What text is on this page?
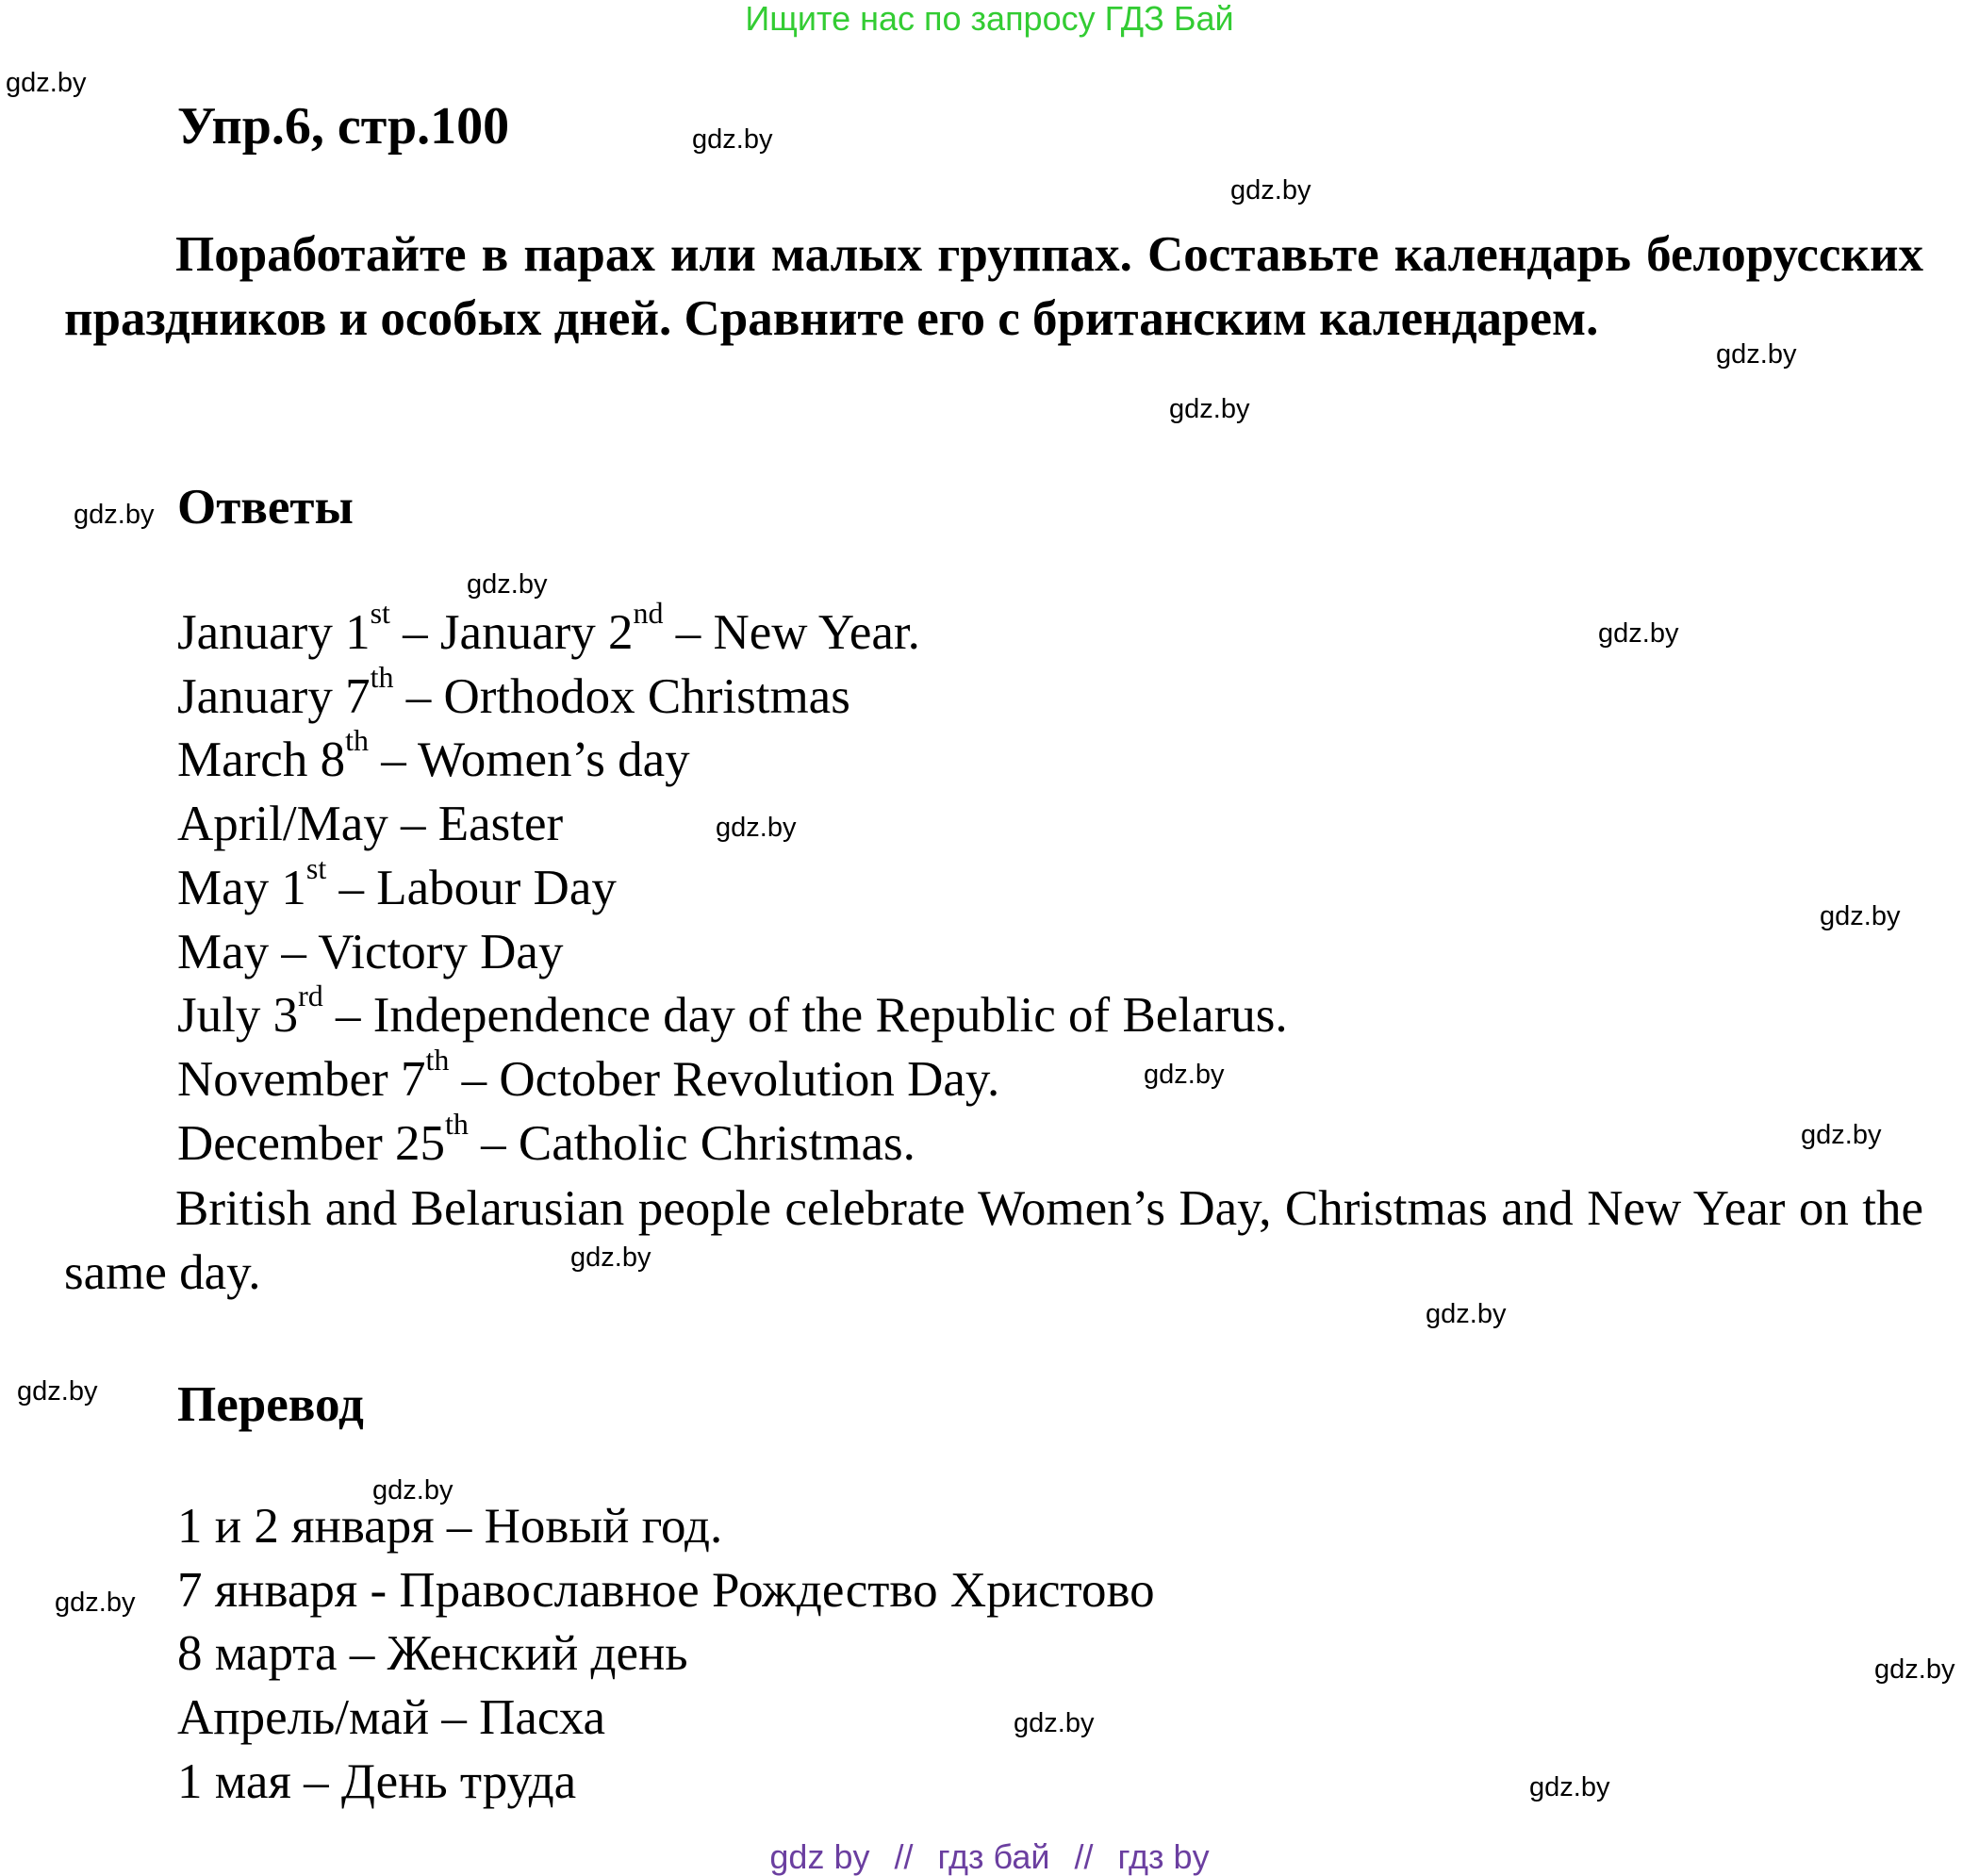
Ищите нас по запросу ГДЗ Бай
Упр.6, стр.100

Поработайте в парах или малых группах. Составьте календарь белорусских праздников и особых дней. Сравните его с британским календарем.

Ответы
January 1st – January 2nd – New Year.
January 7th – Orthodox Christmas
March 8th – Women’s day
April/May – Easter
May 1st – Labour Day
May – Victory Day
July 3rd – Independence day of the Republic of Belarus.
November 7th – October Revolution Day.
December 25th – Catholic Christmas.

British and Belarusian people celebrate Women’s Day, Christmas and New Year on the same day.

Перевод
1 и 2 января – Новый год.
7 января - Православное Рождество Христово
8 марта – Женский день
Апрель/май – Пасха
1 мая – День труда
gdz.by
gdz.by
gdz.by
gdz.by
gdz.by
gdz.by
gdz.by
gdz.by
gdz.by
gdz.by
gdz.by
gdz.by
gdz.by
gdz.by
gdz.by
gdz.by
gdz.by
gdz.by
gdz.by
gdz.by
gdz by // гдз бай // гдз by
